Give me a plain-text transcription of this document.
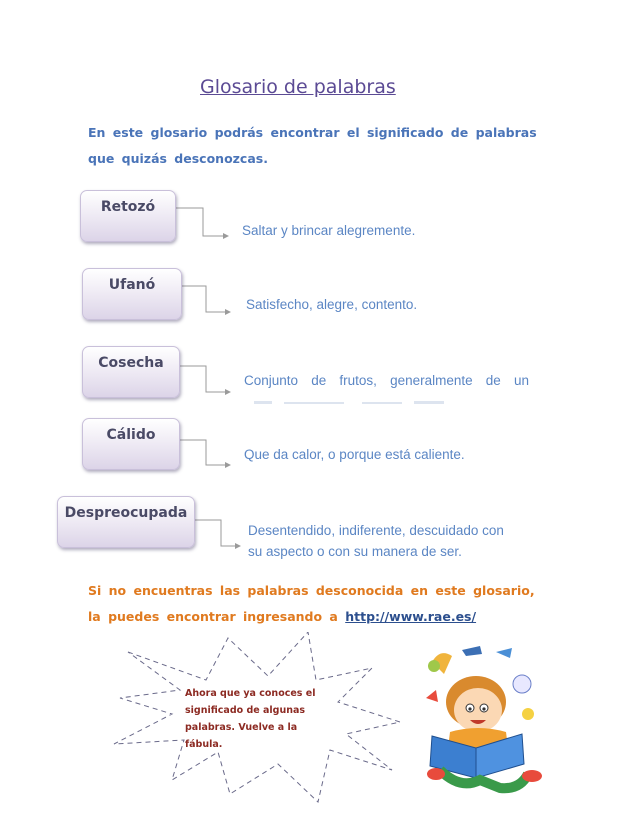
Glosario de palabras
En este glosario podrás encontrar el significado de palabras que quizás desconozcas.
Retozó
Saltar y brincar alegremente.
Ufanó
Satisfecho, alegre, contento.
Cosecha
Conjunto de frutos, generalmente de un
Cálido
Que da calor, o porque está caliente.
Despreocupada
Desentendido, indiferente, descuidado con su aspecto o con su manera de ser.
Si no encuentras las palabras desconocida en este glosario, la puedes encontrar ingresando a http://www.rae.es/
Ahora que ya conoces el significado de algunas palabras. Vuelve a la fábula.
